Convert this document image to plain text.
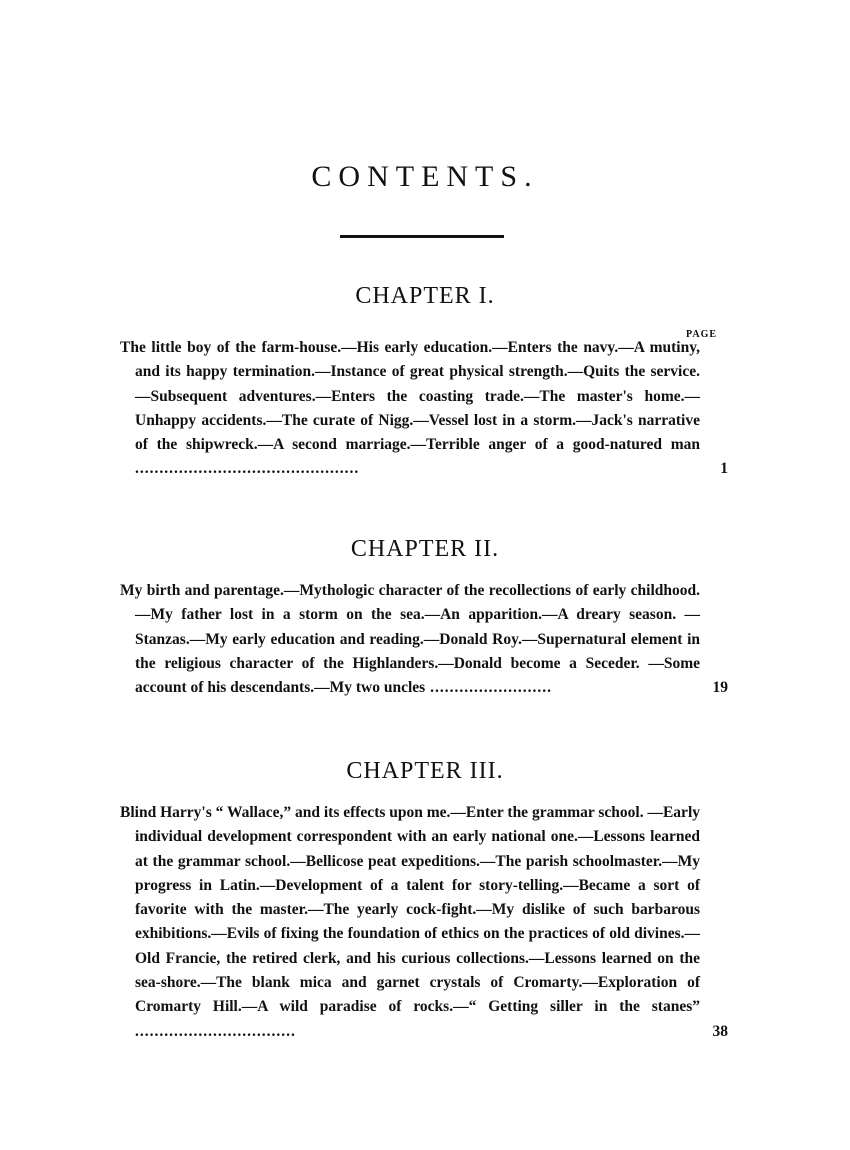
CONTENTS.
CHAPTER I.
PAGE

The little boy of the farm-house.—His early education.—Enters the navy.—A mutiny, and its happy termination.—Instance of great physical strength.—Quits the service.—Subsequent adventures.—Enters the coasting trade.—The master's home.—Unhappy accidents.—The curate of Nigg.—Vessel lost in a storm.—Jack's narrative of the shipwreck.—A second marriage.—Terrible anger of a good-natured man ..............................................	1
CHAPTER II.

My birth and parentage.—Mythologic character of the recollections of early childhood.—My father lost in a storm on the sea.—An apparition.—A dreary season. —Stanzas.—My early education and reading.—Donald Roy.—Supernatural element in the religious character of the Highlanders.—Donald become a Seceder. —Some account of his descendants.—My two uncles .........................	19
CHAPTER III.

Blind Harry's “ Wallace,” and its effects upon me.—Enter the grammar school. —Early individual development correspondent with an early national one.—Lessons learned at the grammar school.—Bellicose peat expeditions.—The parish schoolmaster.—My progress in Latin.—Development of a talent for story-telling.—Became a sort of favorite with the master.—The yearly cock-fight.—My dislike of such barbarous exhibitions.—Evils of fixing the foundation of ethics on the practices of old divines.—Old Francie, the retired clerk, and his curious collections.—Lessons learned on the sea-shore.—The blank mica and garnet crystals of Cromarty.—Exploration of Cromarty Hill.—A wild paradise of rocks.—“ Getting siller in the stanes” .................................	38
